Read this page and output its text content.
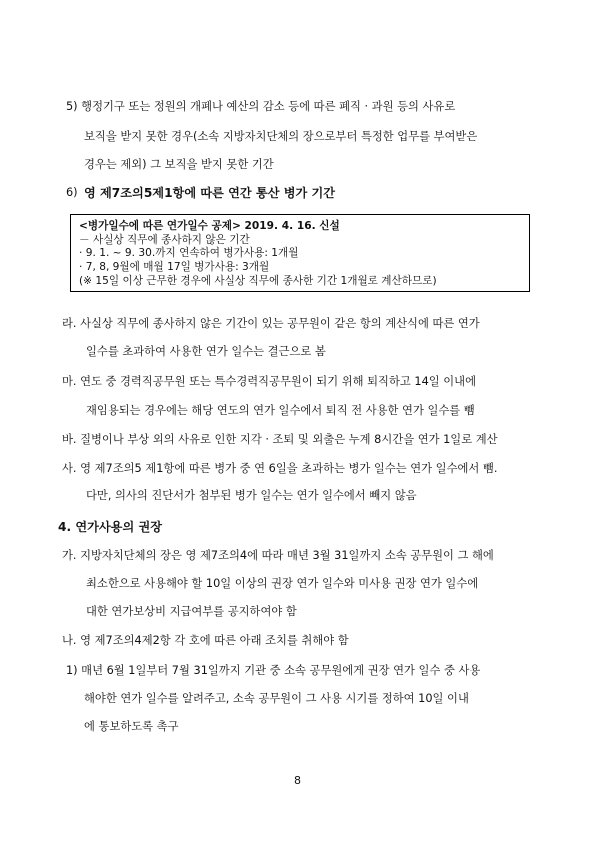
5) 행정기구 또는 정원의 개폐나 예산의 감소 등에 따른 폐직 · 과원 등의 사유로
보직을 받지 못한 경우(소속 지방자치단체의 장으로부터 특정한 업무를 부여받은
경우는 제외) 그 보직을 받지 못한 기간
6) 영 제7조의5제1항에 따른 연간 통산 병가 기간
<병가일수에 따른 연가일수 공제> 2019. 4. 16. 신설
－ 사실상 직무에 종사하지 않은 기간
· 9. 1. ~ 9. 30.까지 연속하여 병가사용: 1개월
· 7, 8, 9월에 매월 17일 병가사용: 3개월
(※ 15일 이상 근무한 경우에 사실상 직무에 종사한 기간 1개월로 계산하므로)
라. 사실상 직무에 종사하지 않은 기간이 있는 공무원이 같은 항의 계산식에 따른 연가
일수를 초과하여 사용한 연가 일수는 결근으로 봄
마. 연도 중 경력직공무원 또는 특수경력직공무원이 되기 위해 퇴직하고 14일 이내에
재임용되는 경우에는 해당 연도의 연가 일수에서 퇴직 전 사용한 연가 일수를 뺌
바. 질병이나 부상 외의 사유로 인한 지각 · 조퇴 및 외출은 누계 8시간을 연가 1일로 계산
사. 영 제7조의5 제1항에 따른 병가 중 연 6일을 초과하는 병가 일수는 연가 일수에서 뺌.
다만, 의사의 진단서가 첨부된 병가 일수는 연가 일수에서 빼지 않음
4. 연가사용의 권장
가. 지방자치단체의 장은 영 제7조의4에 따라 매년 3월 31일까지 소속 공무원이 그 해에
최소한으로 사용해야 할 10일 이상의 권장 연가 일수와 미사용 권장 연가 일수에
대한 연가보상비 지급여부를 공지하여야 함
나. 영 제7조의4제2항 각 호에 따른 아래 조치를 취해야 함
1) 매년 6월 1일부터 7월 31일까지 기관 중 소속 공무원에게 권장 연가 일수 중 사용
해야한 연가 일수를 알려주고, 소속 공무원이 그 사용 시기를 정하여 10일 이내
에 통보하도록 촉구
8
